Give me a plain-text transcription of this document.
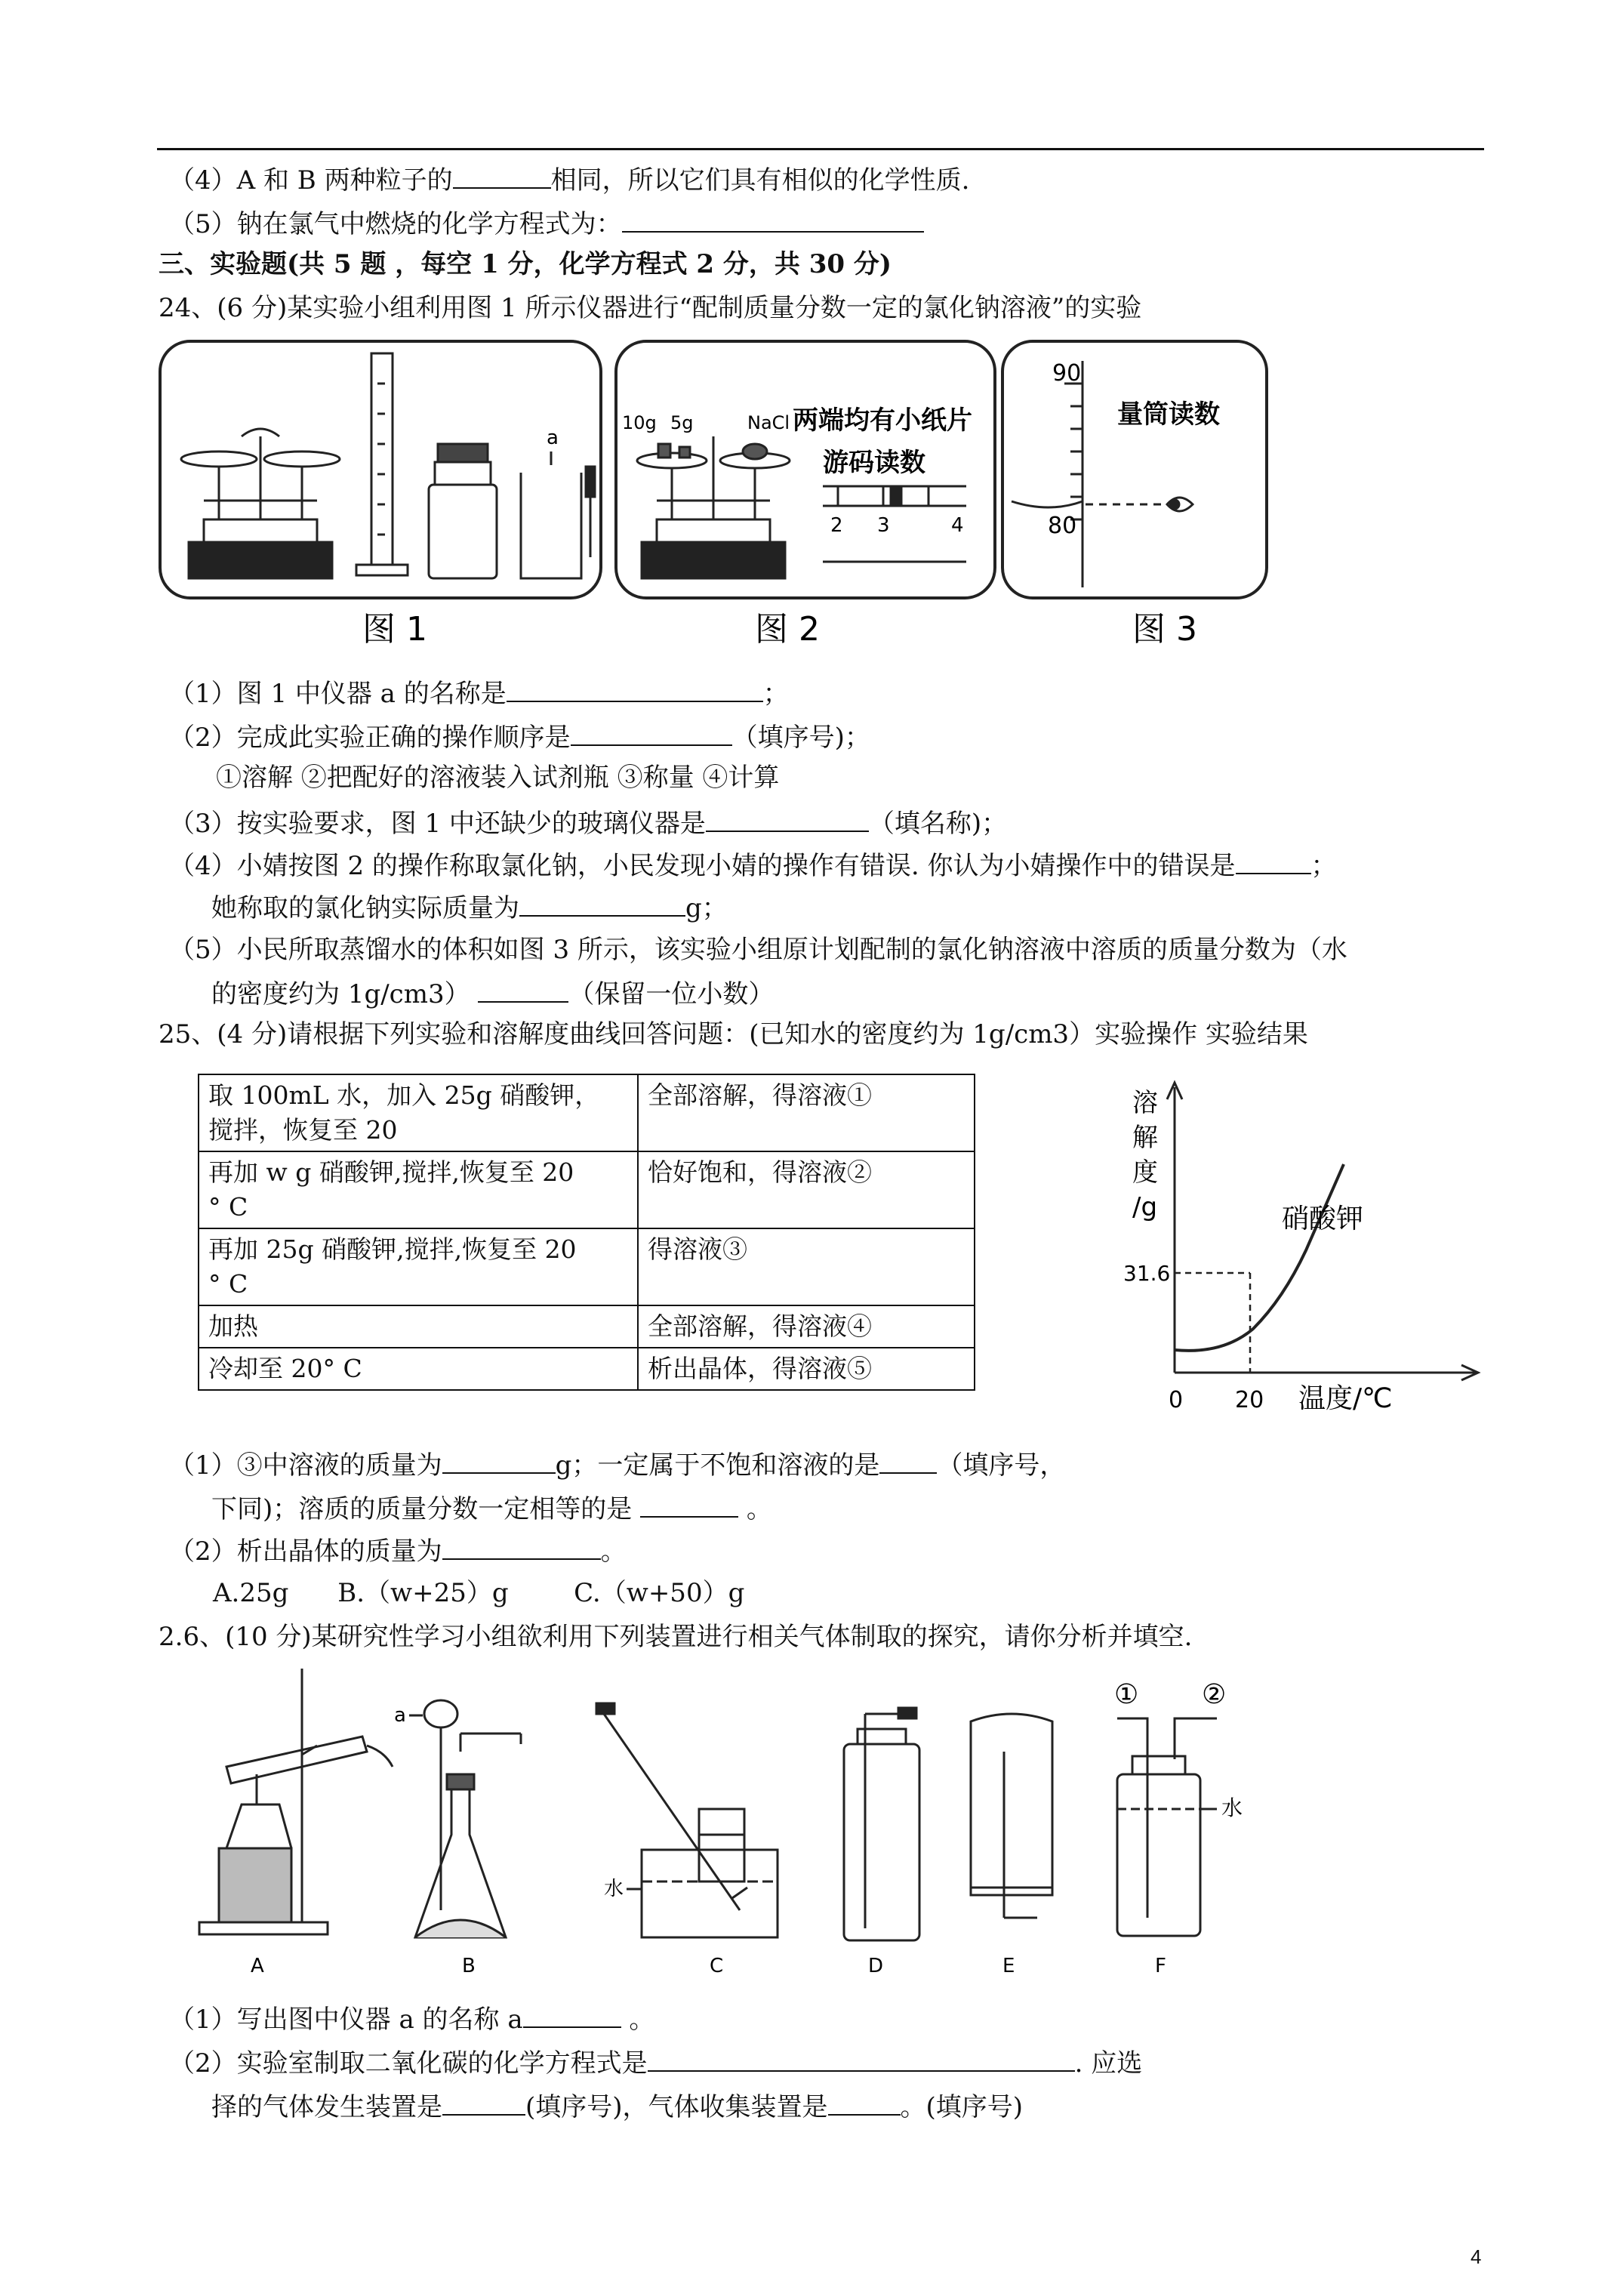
（4）A 和 B 两种粒子的	相同，所以它们具有相似的化学性质.
（5）钠在氯气中燃烧的化学方程式为：
三、实验题(共 5 题 ，每空 1 分，化学方程式 2 分，共 30 分)
24、(6 分)某实验小组利用图 1 所示仪器进行“配制质量分数一定的氯化钠溶液”的实验
a
图 1
10g 5g	NaCl 两端均有小纸片
游码读数
2 3	4
图 2
90
80
量筒读数
图 3
（1）图 1 中仪器 a 的名称是	；
（2）完成此实验正确的操作顺序是	（填序号)；
①溶解 ②把配好的溶液装入试剂瓶 ③称量 ④计算
（3）按实验要求，图 1 中还缺少的玻璃仪器是	（填名称)；
（4）小婧按图 2 的操作称取氯化钠，小民发现小婧的操作有错误. 你认为小婧操作中的错误是	；
她称取的氯化钠实际质量为	g；
（5）小民所取蒸馏水的体积如图 3 所示，该实验小组原计划配制的氯化钠溶液中溶质的质量分数为（水
的密度约为 1g/cm3）	（保留一位小数）
25、(4 分)请根据下列实验和溶解度曲线回答问题：(已知水的密度约为 1g/cm3）实验操作 实验结果
取 100mL 水，加入 25g 硝酸钾，
搅拌，恢复至 20	全部溶解，得溶液①

再加 w g 硝酸钾,搅拌,恢复至 20
° C	恰好饱和，得溶液②

再加 25g 硝酸钾,搅拌,恢复至 20
° C	得溶液③
加热	全部溶解，得溶液④
冷却至 20° C	析出晶体，得溶液⑤
溶
解
度
/g	硝酸钾
31.6
0 20 温度/℃
（1）③中溶液的质量为	g；一定属于不饱和溶液的是 （填序号，
下同)；溶质的质量分数一定相等的是	。
（2）析出晶体的质量为	。
A.25g      B.（w+25）g        C.（w+50）g
2.6、(10 分)某研究性学习小组欲利用下列装置进行相关气体制取的探究，请你分析并填空.
A
a
B
水
C	D	E
① ②
水
F
（1）写出图中仪器 a 的名称 a	。
（2）实验室制取二氧化碳的化学方程式是	. 应选
择的气体发生装置是	(填序号)，气体收集装置是	。(填序号)
4
